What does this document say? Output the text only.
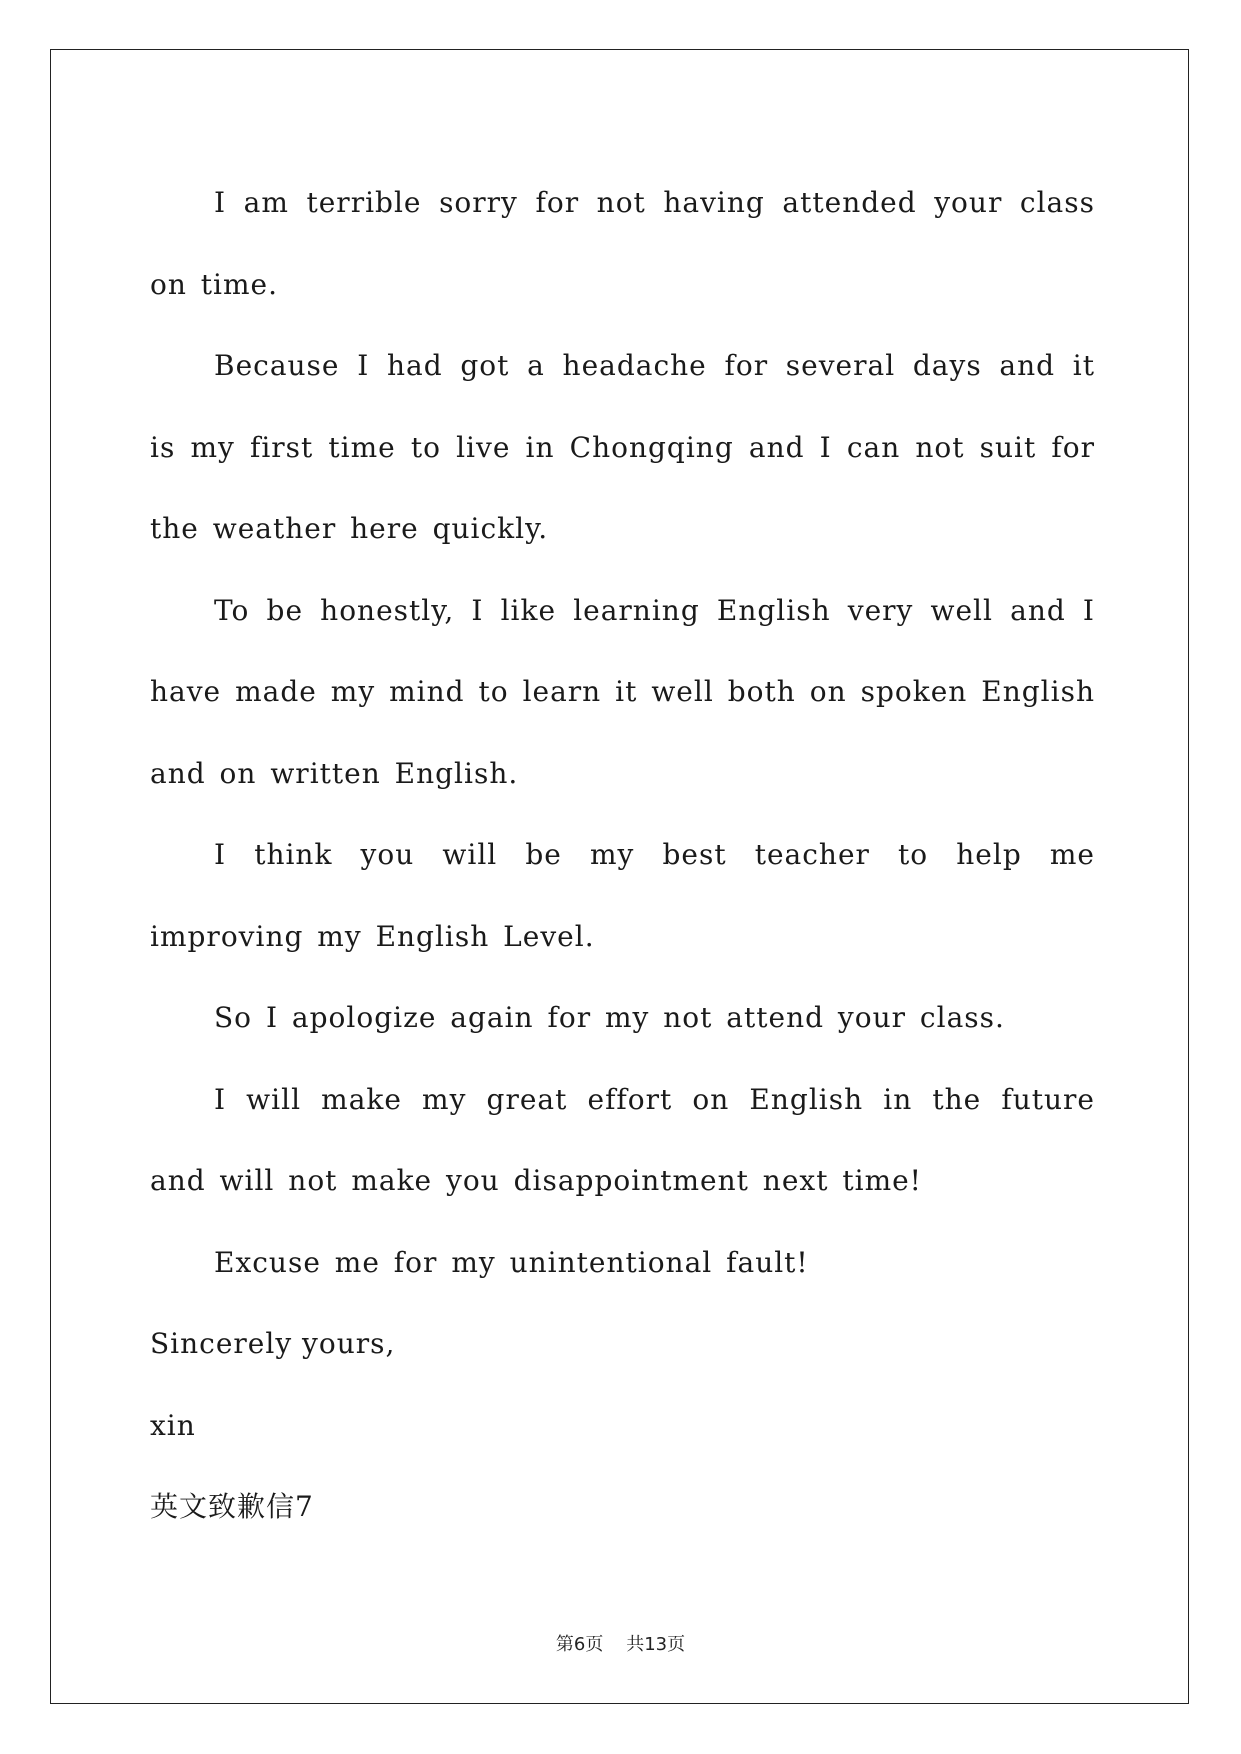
I am terrible sorry for not having attended your class on time.

Because I had got a headache for several days and it is my first time to live in Chongqing and I can not suit for the weather here quickly.

To be honestly, I like learning English very well and I have made my mind to learn it well both on spoken English and on written English.

I think you will be my best teacher to help me improving my English Level.

So I apologize again for my not attend your class.

I will make my great effort on English in the future and will not make you disappointment next time!

Excuse me for my unintentional fault!

Sincerely yours,

xin

英文致歉信7

第6页    共13页
